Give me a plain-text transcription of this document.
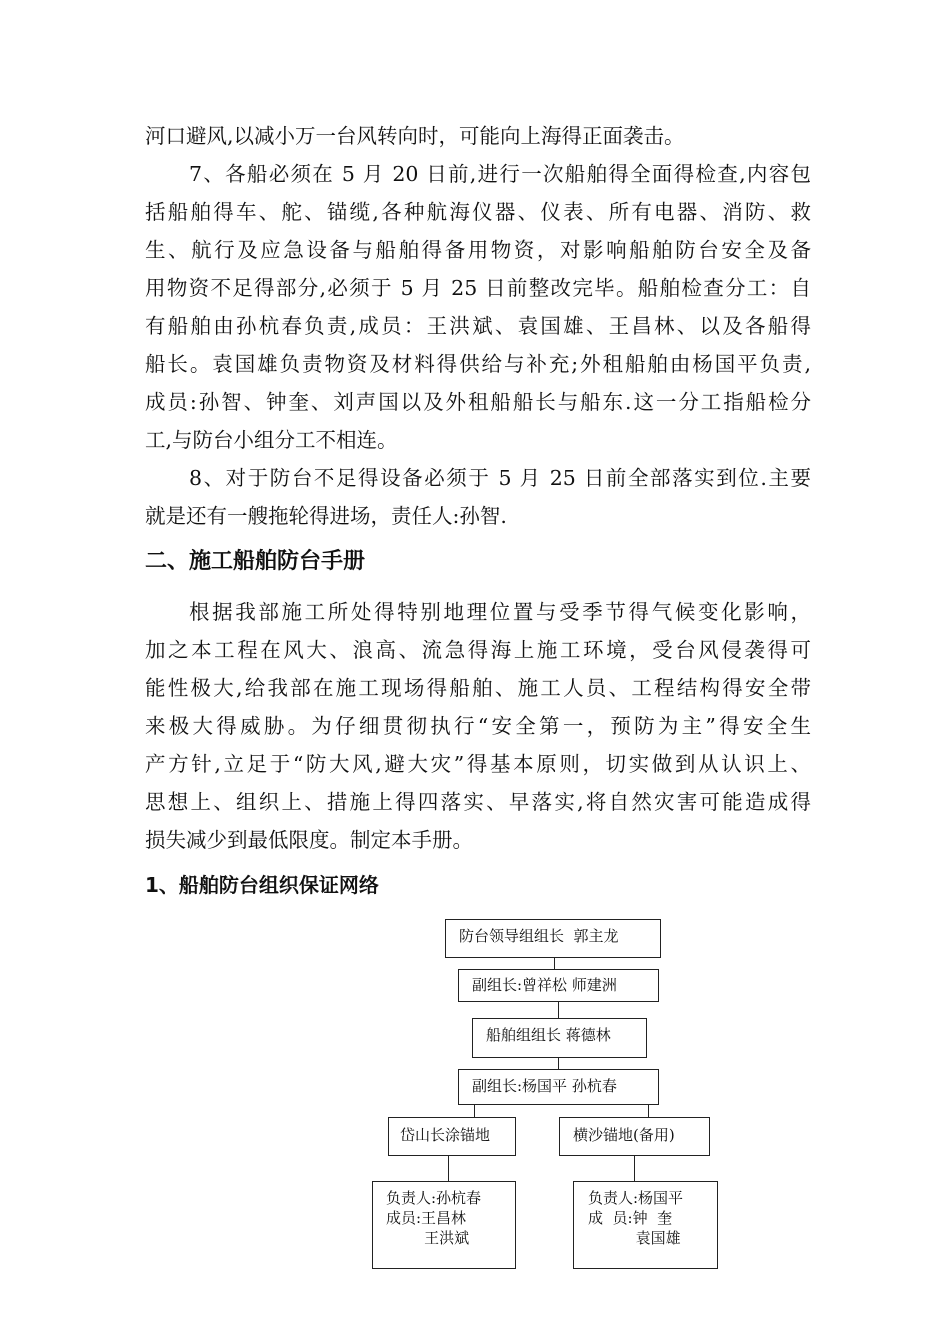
河口避风,以减小万一台风转向时，可能向上海得正面袭击。
7、各船必须在 5 月 20 日前,进行一次船舶得全面得检查,内容包
括船舶得车、舵、锚缆,各种航海仪器、仪表、所有电器、消防、救
生、航行及应急设备与船舶得备用物资，对影响船舶防台安全及备
用物资不足得部分,必须于 5 月 25 日前整改完毕。船舶检查分工：自
有船舶由孙杭春负责,成员：王洪斌、袁国雄、王昌林、以及各船得
船长。袁国雄负责物资及材料得供给与补充;外租船舶由杨国平负责,
成员:孙智、钟奎、刘声国以及外租船船长与船东.这一分工指船检分
工,与防台小组分工不相连。
8、对于防台不足得设备必须于 5 月 25 日前全部落实到位.主要
就是还有一艘拖轮得进场，责任人:孙智.
二、施工船舶防台手册
根据我部施工所处得特别地理位置与受季节得气候变化影响，
加之本工程在风大、浪高、流急得海上施工环境，受台风侵袭得可
能性极大,给我部在施工现场得船舶、施工人员、工程结构得安全带
来极大得威胁。为仔细贯彻执行“安全第一，预防为主”得安全生
产方针,立足于“防大风,避大灾”得基本原则，切实做到从认识上、
思想上、组织上、措施上得四落实、早落实,将自然灾害可能造成得
损失减少到最低限度。制定本手册。
1、船舶防台组织保证网络
防台领导组组长  郭主龙
副组长:曾祥松 师建洲
船舶组组长 蒋德林
副组长:杨国平 孙杭春
岱山长涂锚地	横沙锚地(备用)
负责人:孙杭春
成员:王昌林
王洪斌
负责人:杨国平
成  员:钟  奎
袁国雄
